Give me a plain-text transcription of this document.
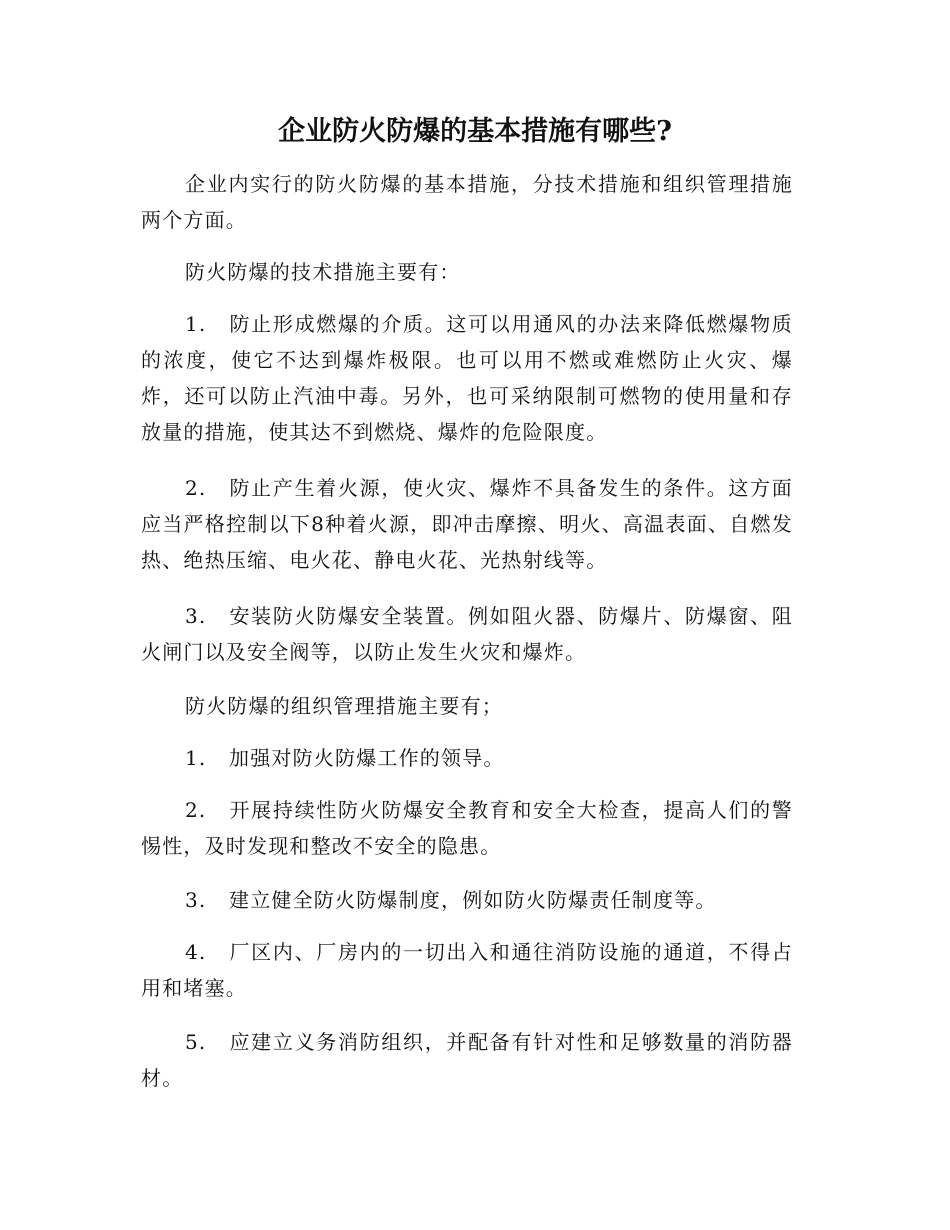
企业防火防爆的基本措施有哪些?

企业内实行的防火防爆的基本措施，分技术措施和组织管理措施两个方面。

防火防爆的技术措施主要有：

1. 防止形成燃爆的介质。这可以用通风的办法来降低燃爆物质的浓度，使它不达到爆炸极限。也可以用不燃或难燃防止火灾、爆炸，还可以防止汽油中毒。另外，也可采纳限制可燃物的使用量和存放量的措施，使其达不到燃烧、爆炸的危险限度。

2. 防止产生着火源，使火灾、爆炸不具备发生的条件。这方面应当严格控制以下8种着火源，即冲击摩擦、明火、高温表面、自燃发热、绝热压缩、电火花、静电火花、光热射线等。

3. 安装防火防爆安全装置。例如阻火器、防爆片、防爆窗、阻火闸门以及安全阀等，以防止发生火灾和爆炸。

防火防爆的组织管理措施主要有；

1. 加强对防火防爆工作的领导。

2. 开展持续性防火防爆安全教育和安全大检查，提高人们的警惕性，及时发现和整改不安全的隐患。

3. 建立健全防火防爆制度，例如防火防爆责任制度等。

4. 厂区内、厂房内的一切出入和通往消防设施的通道，不得占用和堵塞。

5. 应建立义务消防组织，并配备有针对性和足够数量的消防器材。
